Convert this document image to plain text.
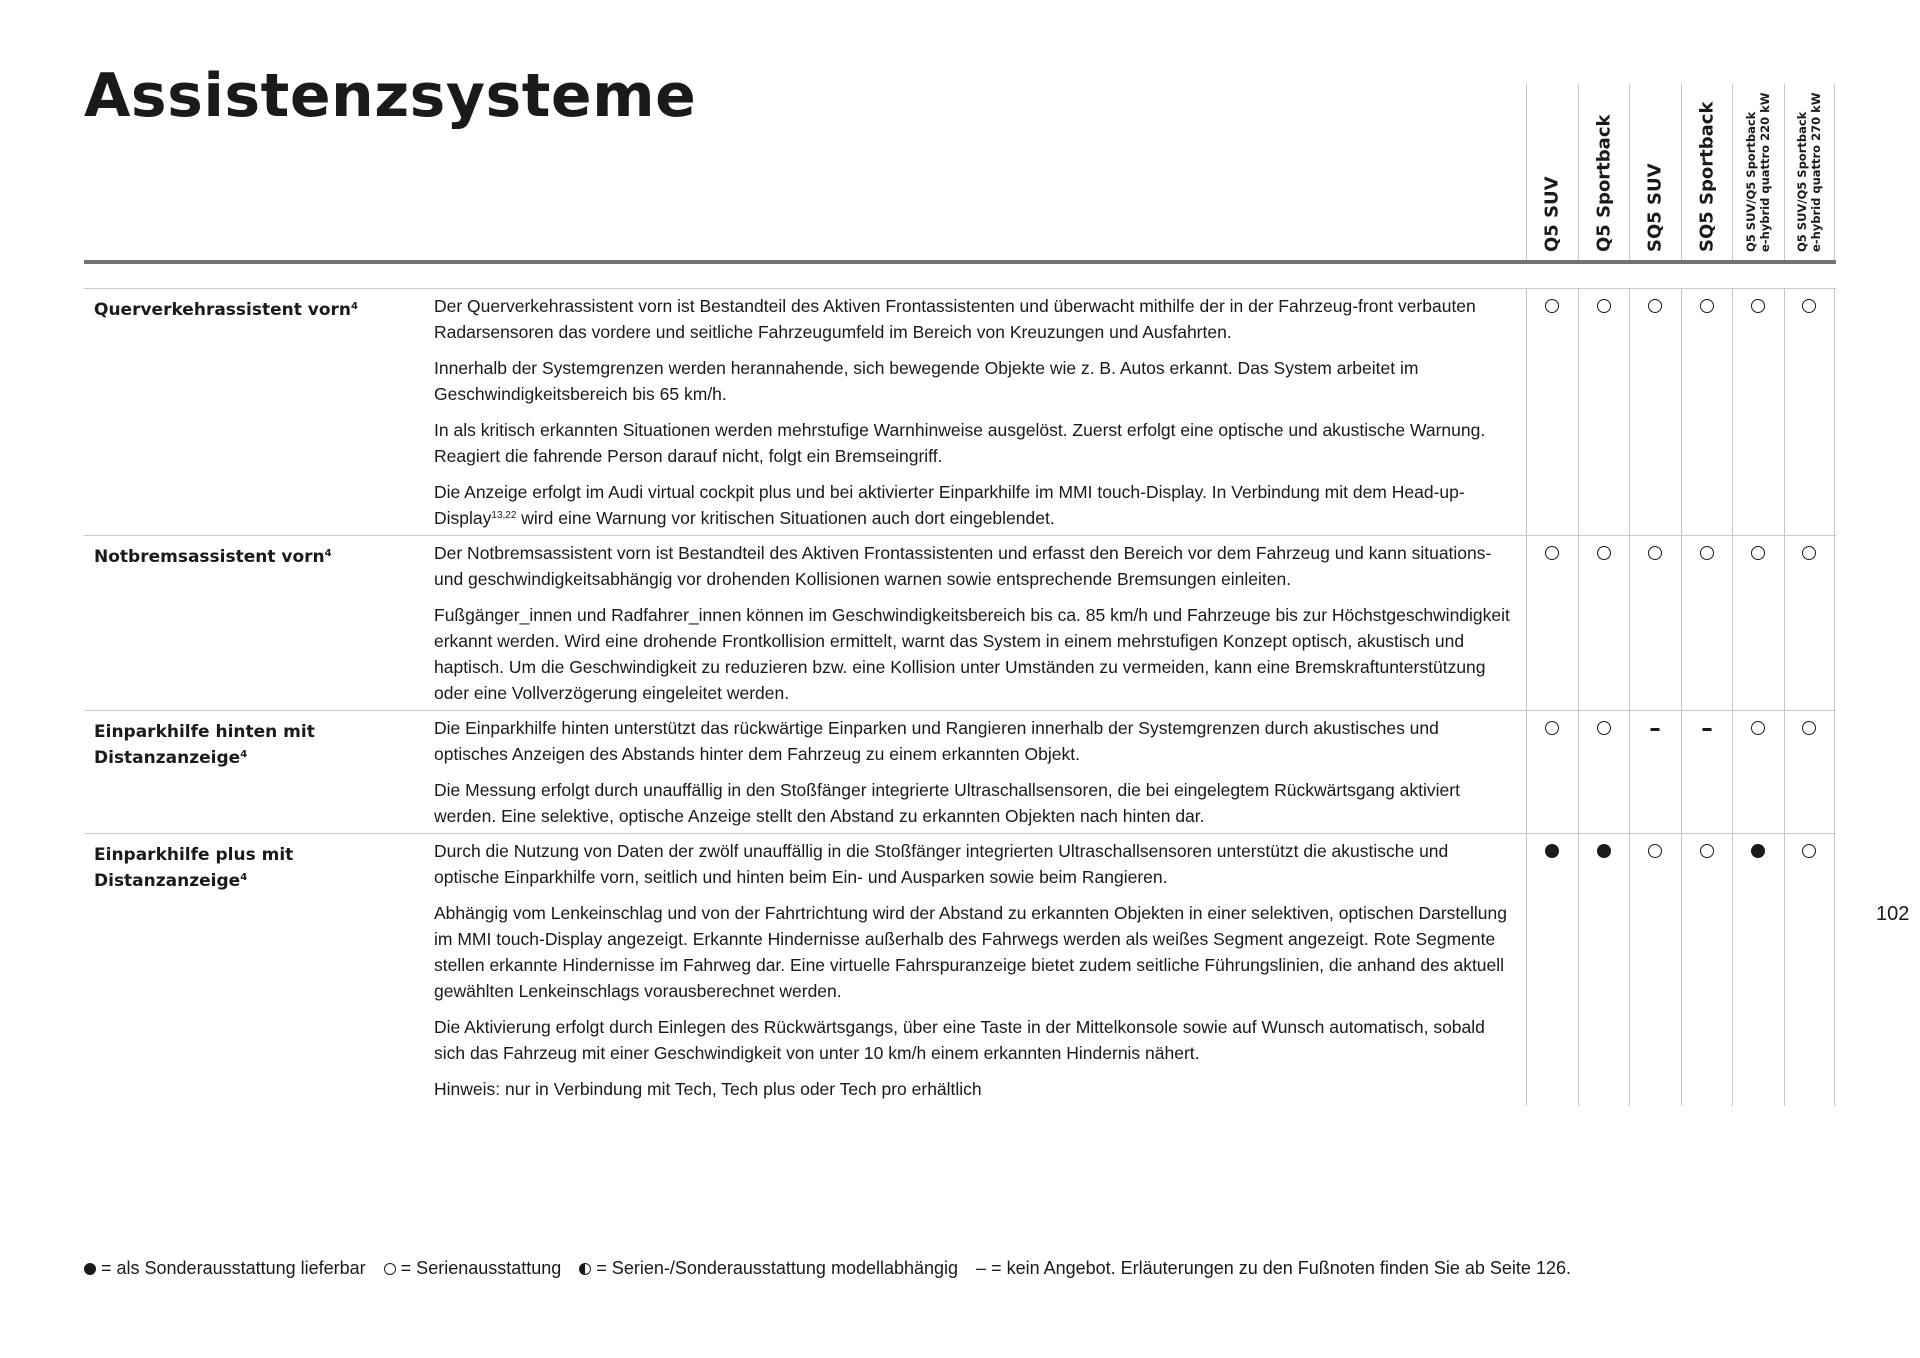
Assistenzsysteme
Q5 SUV Q5 Sportback SQ5 SUV SQ5 Sportback Q5 SUV/Q5 Sportback e-hybrid quattro 220 kW Q5 SUV/Q5 Sportback e-hybrid quattro 270 kW
Querverkehrassistent vorn$^4$	Der Querverkehrassistent vorn ist Bestandteil des Aktiven Frontassistenten und überwacht mithilfe der in der Fahrzeug-front verbauten Radarsensoren das vordere und seitliche Fahrzeugumfeld im Bereich von Kreuzungen und Ausfahrten.

Innerhalb der Systemgrenzen werden herannahende, sich bewegende Objekte wie z. B. Autos erkannt. Das System arbeitet im Geschwindigkeitsbereich bis 65 km/h.

In als kritisch erkannten Situationen werden mehrstufige Warnhinweise ausgelöst. Zuerst erfolgt eine optische und akustische Warnung. Reagiert die fahrende Person darauf nicht, folgt ein Bremseingriff.

Die Anzeige erfolgt im Audi virtual cockpit plus und bei aktivierter Einparkhilfe im MMI touch-Display. In Verbindung mit dem Head-up-Display$^{13,22}$ wird eine Warnung vor kritischen Situationen auch dort eingeblendet.

Notbremsassistent vorn$^4$	Der Notbremsassistent vorn ist Bestandteil des Aktiven Frontassistenten und erfasst den Bereich vor dem Fahrzeug und kann situations- und geschwindigkeitsabhängig vor drohenden Kollisionen warnen sowie entsprechende Bremsungen einleiten.

Fußgänger_innen und Radfahrer_innen können im Geschwindigkeitsbereich bis ca. 85 km/h und Fahrzeuge bis zur Höchstgeschwindigkeit erkannt werden. Wird eine drohende Frontkollision ermittelt, warnt das System in einem mehrstufigen Konzept optisch, akustisch und haptisch. Um die Geschwindigkeit zu reduzieren bzw. eine Kollision unter Umständen zu vermeiden, kann eine Bremskraftunterstützung oder eine Vollverzögerung eingeleitet werden.

Einparkhilfe hinten mit
Distanzanzeige$^4$

Die Einparkhilfe hinten unterstützt das rückwärtige Einparken und Rangieren innerhalb der Systemgrenzen durch akustisches und optisches Anzeigen des Abstands hinter dem Fahrzeug zu einem erkannten Objekt.

Die Messung erfolgt durch unauffällig in den Stoßfänger integrierte Ultraschallsensoren, die bei eingelegtem Rückwärtsgang aktiviert werden. Eine selektive, optische Anzeige stellt den Abstand zu erkannten Objekten nach hinten dar.

Einparkhilfe plus mit
Distanzanzeige$^4$

Durch die Nutzung von Daten der zwölf unauffällig in die Stoßfänger integrierten Ultraschallsensoren unterstützt die akustische und optische Einparkhilfe vorn, seitlich und hinten beim Ein- und Ausparken sowie beim Rangieren.

Abhängig vom Lenkeinschlag und von der Fahrtrichtung wird der Abstand zu erkannten Objekten in einer selektiven, optischen Darstellung im MMI touch-Display angezeigt. Erkannte Hindernisse außerhalb des Fahrwegs werden als weißes Segment angezeigt. Rote Segmente stellen erkannte Hindernisse im Fahrweg dar. Eine virtuelle Fahrspuranzeige bietet zudem seitliche Führungslinien, die anhand des aktuell gewählten Lenkeinschlags vorausberechnet werden.

Die Aktivierung erfolgt durch Einlegen des Rückwärtsgangs, über eine Taste in der Mittelkonsole sowie auf Wunsch automatisch, sobald sich das Fahrzeug mit einer Geschwindigkeit von unter 10 km/h einem erkannten Hindernis nähert.

Hinweis: nur in Verbindung mit Tech, Tech plus oder Tech pro erhältlich

102
= als Sonderausstattung lieferbar = Serienausstattung = Serien-/Sonderausstattung modellabhängig – = kein Angebot. Erläuterungen zu den Fußnoten finden Sie ab Seite 126.
